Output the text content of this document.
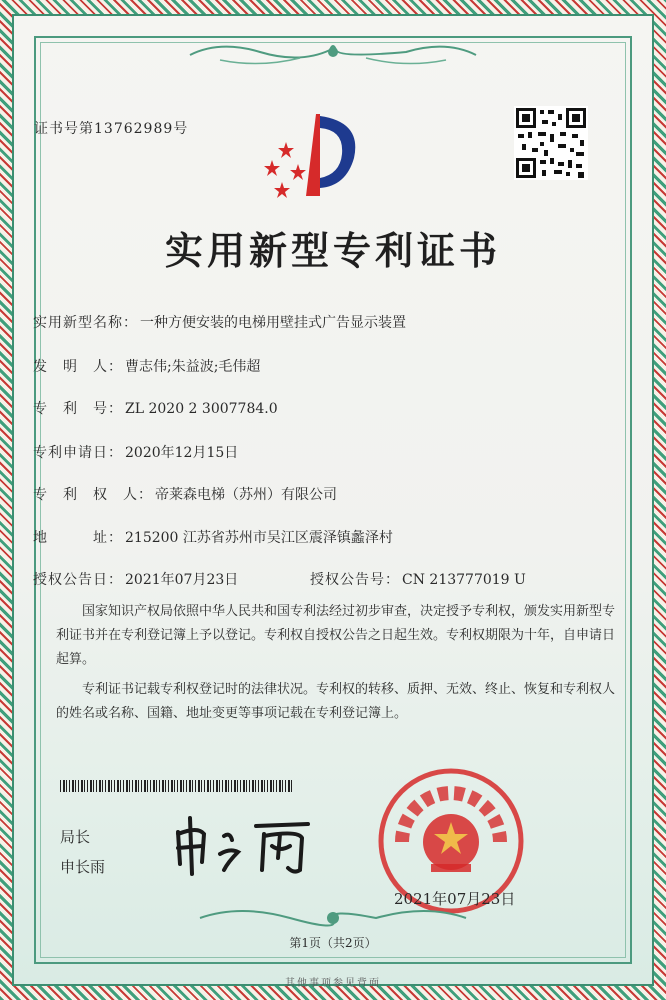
证书号第13762989号
实用新型专利证书
实用新型名称： 一种方便安装的电梯用壁挂式广告显示装置
发　明　人： 曹志伟;朱益波;毛伟超
专　利　号： ZL 2020 2 3007784.0
专利申请日： 2020年12月15日
专　利　权　人： 帝莱森电梯（苏州）有限公司
地　　　址： 215200 江苏省苏州市吴江区震泽镇蠡泽村
授权公告日： 2021年07月23日	授权公告号： CN 213777019 U

国家知识产权局依照中华人民共和国专利法经过初步审查，决定授予专利权，颁发实用新型专利证书并在专利登记簿上予以登记。专利权自授权公告之日起生效。专利权期限为十年，自申请日起算。

专利证书记载专利权登记时的法律状况。专利权的转移、质押、无效、终止、恢复和专利权人的姓名或名称、国籍、地址变更等事项记载在专利登记簿上。

局长
申长雨
2021年07月23日
第1页（共2页）
其他事项参见背面
